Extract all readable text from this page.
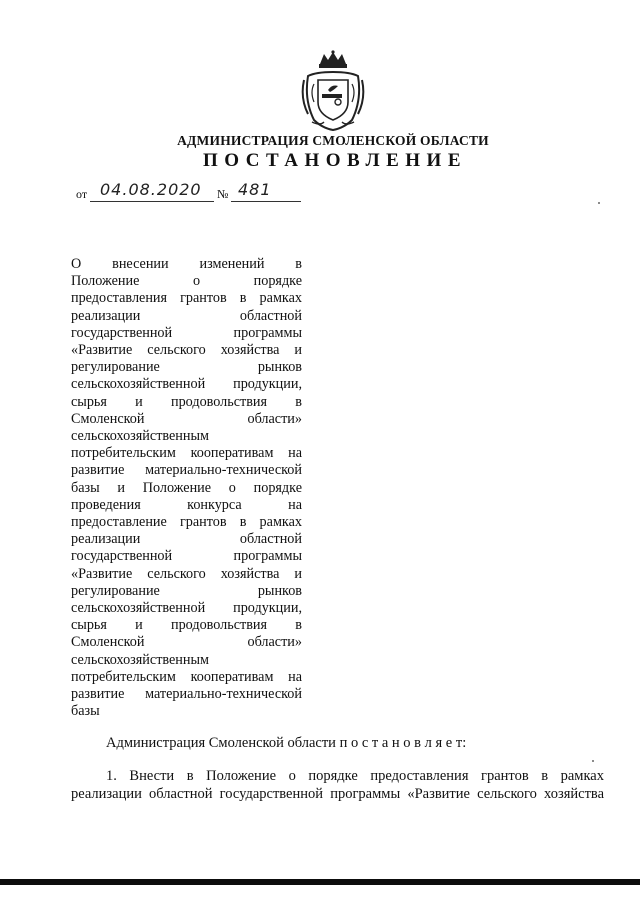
АДМИНИСТРАЦИЯ СМОЛЕНСКОЙ ОБЛАСТИ
ПОСТАНОВЛЕНИЕ
от 04.08.2020 № 481
О внесении изменений в
Положение о порядке
предоставления грантов в рамках
реализации областной
государственной программы
«Развитие сельского хозяйства и
регулирование рынков
сельскохозяйственной продукции,
сырья и продовольствия в
Смоленской области»
сельскохозяйственным
потребительским кооперативам на
развитие материально-технической
базы и Положение о порядке
проведения конкурса на
предоставление грантов в рамках
реализации областной
государственной программы
«Развитие сельского хозяйства и
регулирование рынков
сельскохозяйственной продукции,
сырья и продовольствия в
Смоленской области»
сельскохозяйственным
потребительским кооперативам на
развитие материально-технической
базы
Администрация Смоленской области п о с т а н о в л я е т:
1. Внести в Положение о порядке предоставления грантов в рамках
реализации областной государственной программы «Развитие сельского хозяйства
